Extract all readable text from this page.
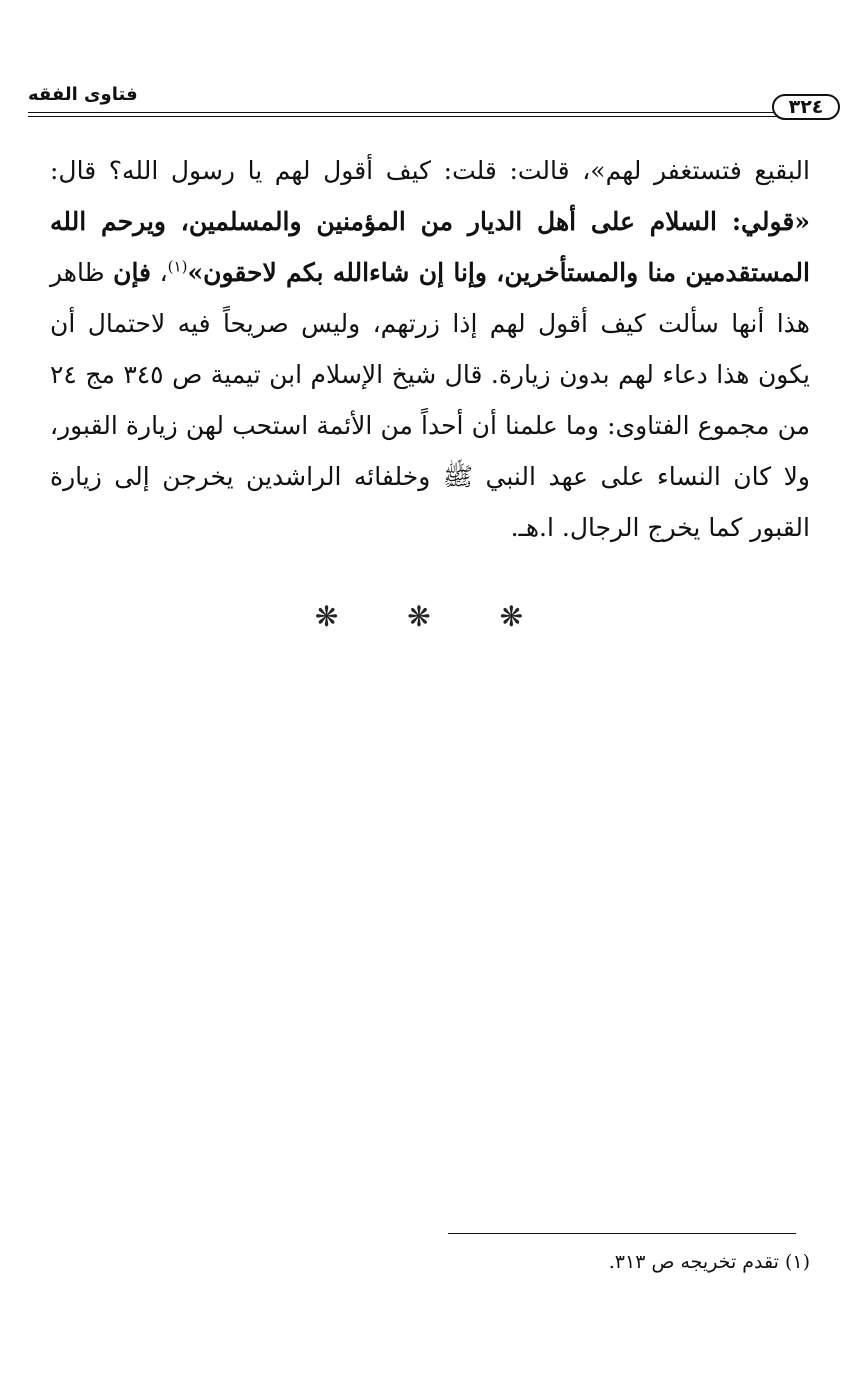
٣٢٤
فتاوى الفقه
البقيع فتستغفر لهم»، قالت: قلت: كيف أقول لهم يا رسول الله؟ قال: «قولي: السلام على أهل الديار من المؤمنين والمسلمين، ويرحم الله المستقدمين منا والمستأخرين، وإنا إن شاءالله بكم لاحقون»$^{(١)}$، فإن ظاهر هذا أنها سألت كيف أقول لهم إذا زرتهم، وليس صريحاً فيه لاحتمال أن يكون هذا دعاء لهم بدون زيارة. قال شيخ الإسلام ابن تيمية ص ٣٤٥ مج ٢٤ من مجموع الفتاوى: وما علمنا أن أحداً من الأئمة استحب لهن زيارة القبور، ولا كان النساء على عهد النبي ﷺ وخلفائه الراشدين يخرجن إلى زيارة القبور كما يخرج الرجال. ا.هـ.
❋ ❋ ❋
(١) تقدم تخريجه ص ٣١٣.
